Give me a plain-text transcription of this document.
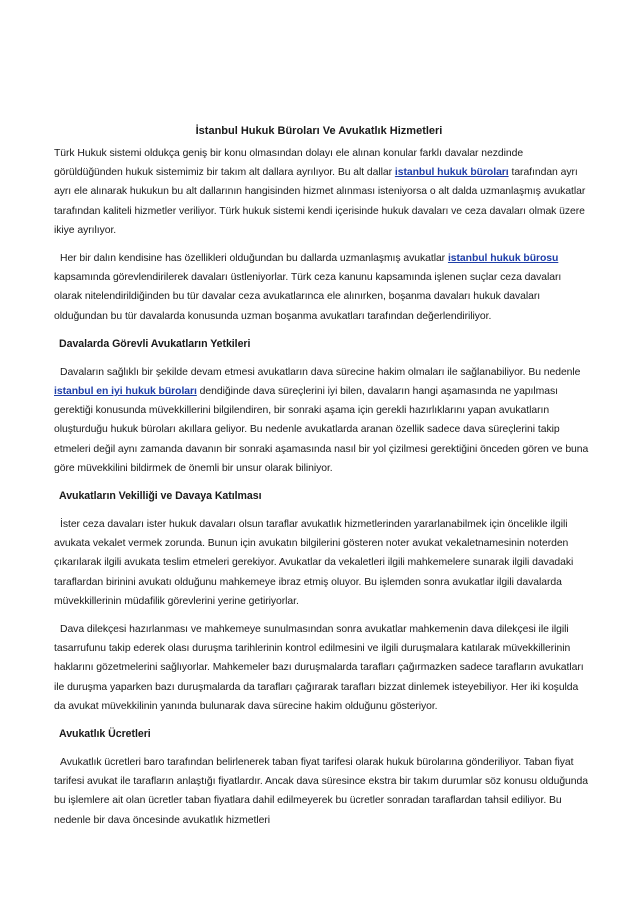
İstanbul Hukuk Büroları Ve Avukatlık Hizmetleri

Türk Hukuk sistemi oldukça geniş bir konu olmasından dolayı ele alınan konular farklı davalar nezdinde görüldüğünden hukuk sistemimiz bir takım alt dallara ayrılıyor. Bu alt dallar istanbul hukuk büroları tarafından ayrı ayrı ele alınarak hukukun bu alt dallarının hangisinden hizmet alınması isteniyorsa o alt dalda uzmanlaşmış avukatlar tarafından kaliteli hizmetler veriliyor. Türk hukuk sistemi kendi içerisinde hukuk davaları ve ceza davaları olmak üzere ikiye ayrılıyor.

Her bir dalın kendisine has özellikleri olduğundan bu dallarda uzmanlaşmış avukatlar istanbul hukuk bürosu kapsamında görevlendirilerek davaları üstleniyorlar. Türk ceza kanunu kapsamında işlenen suçlar ceza davaları olarak nitelendirildiğinden bu tür davalar ceza avukatlarınca ele alınırken, boşanma davaları hukuk davaları olduğundan bu tür davalarda konusunda uzman boşanma avukatları tarafından değerlendiriliyor.

Davalarda Görevli Avukatların Yetkileri

Davaların sağlıklı bir şekilde devam etmesi avukatların dava sürecine hakim olmaları ile sağlanabiliyor. Bu nedenle istanbul en iyi hukuk büroları dendiğinde dava süreçlerini iyi bilen, davaların hangi aşamasında ne yapılması gerektiği konusunda müvekkillerini bilgilendiren, bir sonraki aşama için gerekli hazırlıklarını yapan avukatların oluşturduğu hukuk büroları akıllara geliyor. Bu nedenle avukatlarda aranan özellik sadece dava süreçlerini takip etmeleri değil aynı zamanda davanın bir sonraki aşamasında nasıl bir yol çizilmesi gerektiğini önceden gören ve buna göre müvekkilini bildirmek de önemli bir unsur olarak biliniyor.

Avukatların Vekilliği ve Davaya Katılması

İster ceza davaları ister hukuk davaları olsun taraflar avukatlık hizmetlerinden yararlanabilmek için öncelikle ilgili avukata vekalet vermek zorunda. Bunun için avukatın bilgilerini gösteren noter avukat vekaletnamesinin noterden çıkarılarak ilgili avukata teslim etmeleri gerekiyor. Avukatlar da vekaletleri ilgili mahkemelere sunarak ilgili davadaki taraflardan birinini avukatı olduğunu mahkemeye ibraz etmiş oluyor. Bu işlemden sonra avukatlar ilgili davalarda müvekkillerinin müdafilik görevlerini yerine getiriyorlar.

Dava dilekçesi hazırlanması ve mahkemeye sunulmasından sonra avukatlar mahkemenin dava dilekçesi ile ilgili tasarrufunu takip ederek olası duruşma tarihlerinin kontrol edilmesini ve ilgili duruşmalara katılarak müvekkillerinin haklarını gözetmelerini sağlıyorlar. Mahkemeler bazı duruşmalarda tarafları çağırmazken sadece tarafların avukatları ile duruşma yaparken bazı duruşmalarda da tarafları çağırarak tarafları bizzat dinlemek isteyebiliyor. Her iki koşulda da avukat müvekkilinin yanında bulunarak dava sürecine hakim olduğunu gösteriyor.

Avukatlık Ücretleri

Avukatlık ücretleri baro tarafından belirlenerek taban fiyat tarifesi olarak hukuk bürolarına gönderiliyor. Taban fiyat tarifesi avukat ile tarafların anlaştığı fiyatlardır. Ancak dava süresince ekstra bir takım durumlar söz konusu olduğunda bu işlemlere ait olan ücretler taban fiyatlara dahil edilmeyerek bu ücretler sonradan taraflardan tahsil ediliyor. Bu nedenle bir dava öncesinde avukatlık hizmetleri
